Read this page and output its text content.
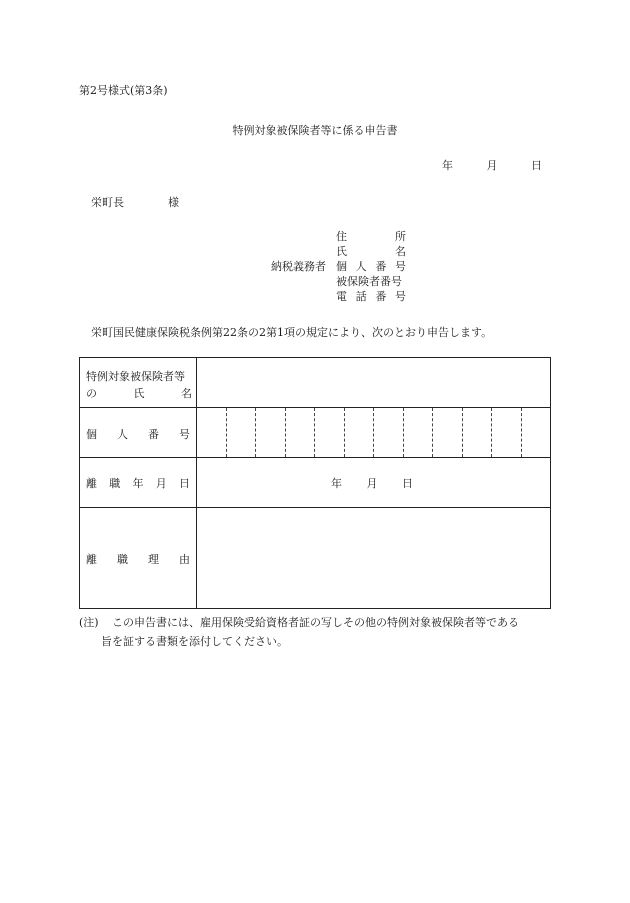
第2号様式(第3条)
特例対象被保険者等に係る申告書
年	月	日
栄町長	様
納税義務者
住	所
氏	名
個 人 番 号
被保険者番号
電 話 番 号
栄町国民健康保険税条例第22条の2第1項の規定により、次のとおり申告します。
特例対象被保険者等
の	氏	名
個 人 番 号
離 職 年 月 日	年 月 日
離 職 理 由
(注) この申告書には、雇用保険受給資格者証の写しその他の特例対象被保険者等である
旨を証する書類を添付してください。
